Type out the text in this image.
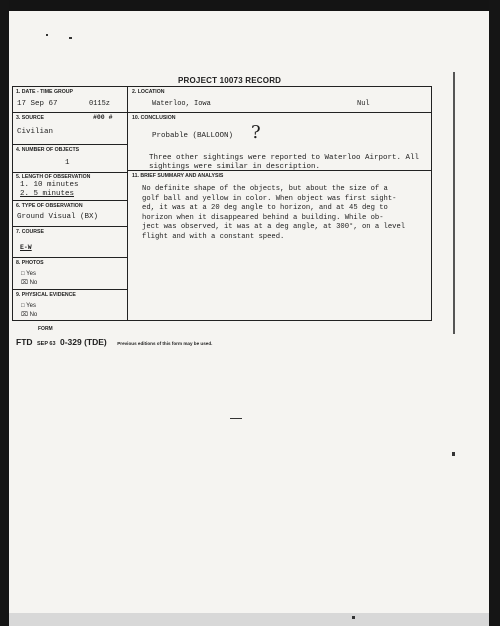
PROJECT 10073 RECORD
1. DATE - TIME GROUP
17 Sep 67	0115z
2. LOCATION
Waterloo, Iowa	Nul
3. SOURCE	#00 #
Civilian
4. NUMBER OF OBJECTS
1
5. LENGTH OF OBSERVATION
1. 10 minutes
2. 5 minutes
6. TYPE OF OBSERVATION
Ground Visual (BX)
7. COURSE
E-W
8. PHOTOS
□ Yes
⌧ No
9. PHYSICAL EVIDENCE
□ Yes
⌧ No
10. CONCLUSION
Probable (BALLOON) ?
Three other sightings were reported to Waterloo Airport. All
sightings were similar in description.
11. BRIEF SUMMARY AND ANALYSIS
No definite shape of the objects, but about the size of a
golf ball and yellow in color. When object was first sight-
ed, it was at a 20 deg angle to horizon, and at 45 deg to
horizon when it disappeared behind a building. While ob-
ject was observed, it was at a deg angle, at 300°, on a level
flight and with a constant speed.
FORM
FTD SEP 63 0-329 (TDE) Previous editions of this form may be used.
